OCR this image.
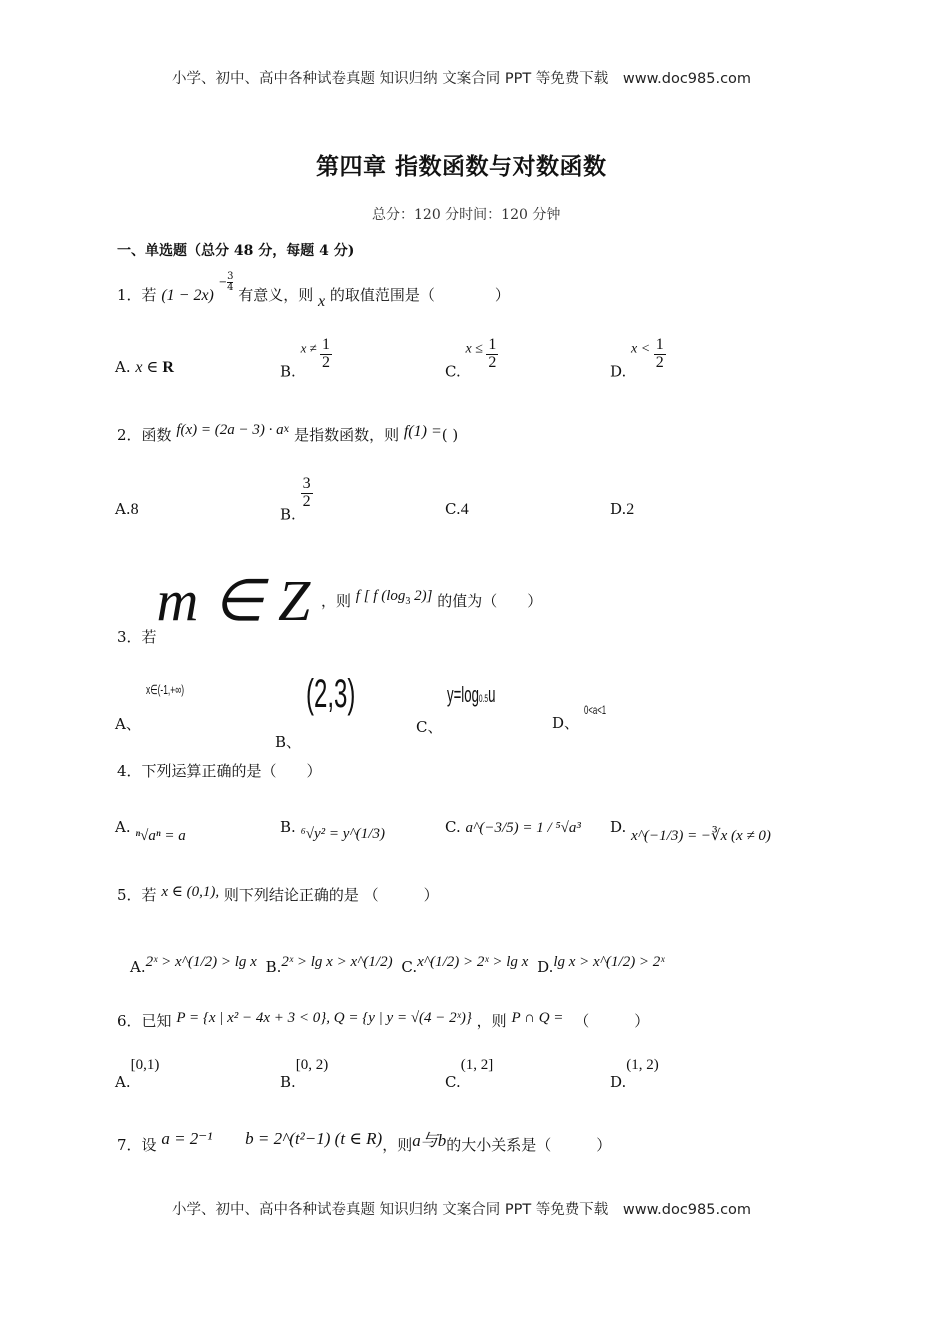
小学、初中、高中各种试卷真题 知识归纳 文案合同 PPT 等免费下载 www.doc985.com
第四章 指数函数与对数函数
总分：120 分时间：120 分钟
一、单选题（总分 48 分，每题 4 分)
1．若 $(1 - 2x) - \frac{3}{4}$
有意义，则 x 的取值范围是（　　　　）
A. x ∈ R	B. $x \ne \frac{1}{2}$	C. $x \le \frac{1}{2}$	D. $x < \frac{1}{2}$
2．函数 $f(x) = (2a - 3) \cdot a^x$ 是指数函数，则 f(1) =( )
A.8	B.
$\frac{3}{2}$	C.4	D.2
3．若m ∈ Z ，则 f [ f ($\log_3$ 2)] 的值为（　　）
A、 x∈(-1,+∞)
B、 (2,3)
C、 y=log0.5u
D、 0<a<1
4．下列运算正确的是（　　）
A. ⁿ√aⁿ = a	B. ⁶√y² = y^(1/3)	C. a^(−3/5) = 1 / ⁵√a³ D. x^(−1/3) = −∛x (x ≠ 0)
5．若 x ∈ (0,1), 则下列结论正确的是 （　　　）
A.2ˣ > x^(1/2) > lg x B.2ˣ > lg x > x^(1/2) C.x^(1/2) > 2ˣ > lg x D.lg x > x^(1/2) > 2ˣ
6．已知 P = {x | x² − 4x + 3 < 0}, Q = {y | y = √(4 − 2ˣ)} ，则 P ∩ Q = （　　　）
A.[0,1)
B.[0, 2)
C.(1, 2]
D.(1, 2)
7．设 a = 2⁻¹ b = 2^(t²−1) (t ∈ R)，则a与b的大小关系是（　　　）
小学、初中、高中各种试卷真题 知识归纳 文案合同 PPT 等免费下载 www.doc985.com
